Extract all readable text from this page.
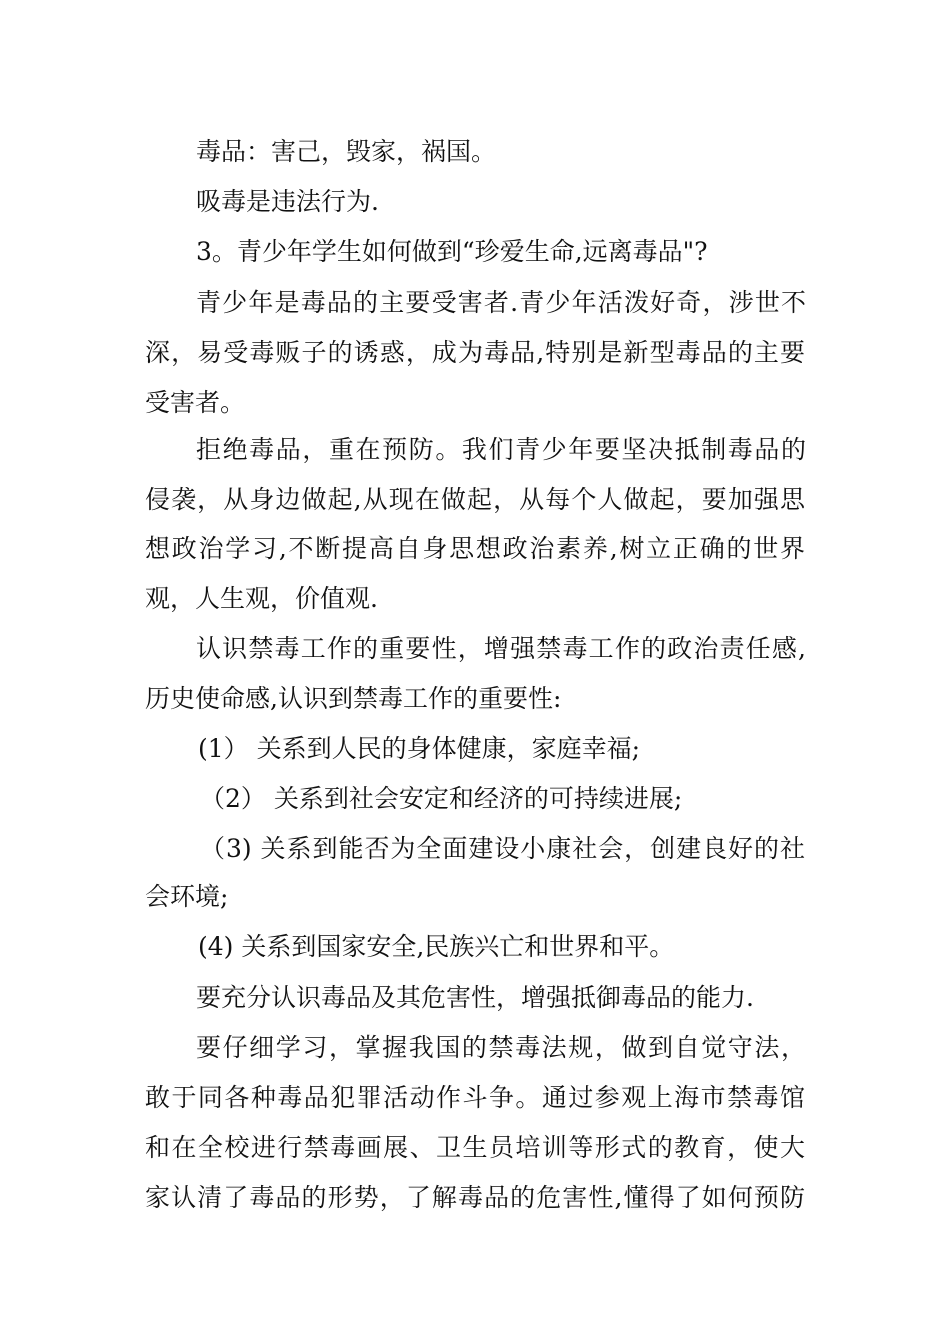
毒品：害己，毁家，祸国。

吸毒是违法行为.

3。青少年学生如何做到“珍爱生命,远离毒品"?

青少年是毒品的主要受害者.青少年活泼好奇，涉世不

深，易受毒贩子的诱惑，成为毒品,特别是新型毒品的主要

受害者。

拒绝毒品，重在预防。我们青少年要坚决抵制毒品的

侵袭，从身边做起,从现在做起，从每个人做起，要加强思

想政治学习,不断提高自身思想政治素养,树立正确的世界

观，人生观，价值观.

认识禁毒工作的重要性，增强禁毒工作的政治责任感,

历史使命感,认识到禁毒工作的重要性:

(1） 关系到人民的身体健康，家庭幸福;

（2） 关系到社会安定和经济的可持续进展;

（3) 关系到能否为全面建设小康社会，创建良好的社

会环境;

(4) 关系到国家安全,民族兴亡和世界和平。

要充分认识毒品及其危害性，增强抵御毒品的能力.

要仔细学习，掌握我国的禁毒法规，做到自觉守法，

敢于同各种毒品犯罪活动作斗争。通过参观上海市禁毒馆

和在全校进行禁毒画展、卫生员培训等形式的教育，使大

家认清了毒品的形势，了解毒品的危害性,懂得了如何预防
